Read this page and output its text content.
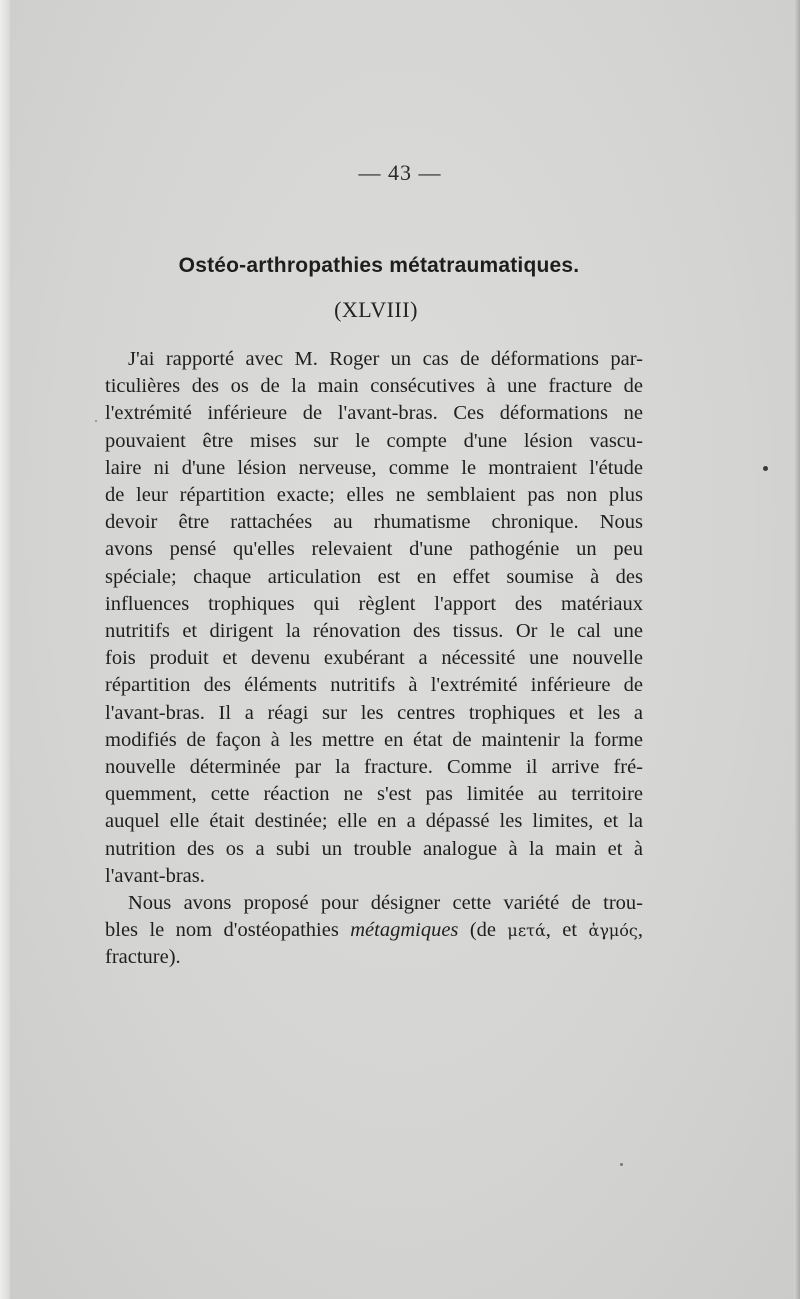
— 43 —
Ostéo-arthropathies métatraumatiques.
(XLVIII)
J'ai rapporté avec M. Roger un cas de déformations par-
ticulières des os de la main consécutives à une fracture de
l'extrémité inférieure de l'avant-bras. Ces déformations ne
pouvaient être mises sur le compte d'une lésion vascu-
laire ni d'une lésion nerveuse, comme le montraient l'étude
de leur répartition exacte; elles ne semblaient pas non plus
devoir être rattachées au rhumatisme chronique. Nous
avons pensé qu'elles relevaient d'une pathogénie un peu
spéciale; chaque articulation est en effet soumise à des
influences trophiques qui règlent l'apport des matériaux
nutritifs et dirigent la rénovation des tissus. Or le cal une
fois produit et devenu exubérant a nécessité une nouvelle
répartition des éléments nutritifs à l'extrémité inférieure de
l'avant-bras. Il a réagi sur les centres trophiques et les a
modifiés de façon à les mettre en état de maintenir la forme
nouvelle déterminée par la fracture. Comme il arrive fré-
quemment, cette réaction ne s'est pas limitée au territoire
auquel elle était destinée; elle en a dépassé les limites, et la
nutrition des os a subi un trouble analogue à la main et à
l'avant-bras.
Nous avons proposé pour désigner cette variété de trou-
bles le nom d'ostéopathies métagmiques (de μετά, et ἀγμός,
fracture).
